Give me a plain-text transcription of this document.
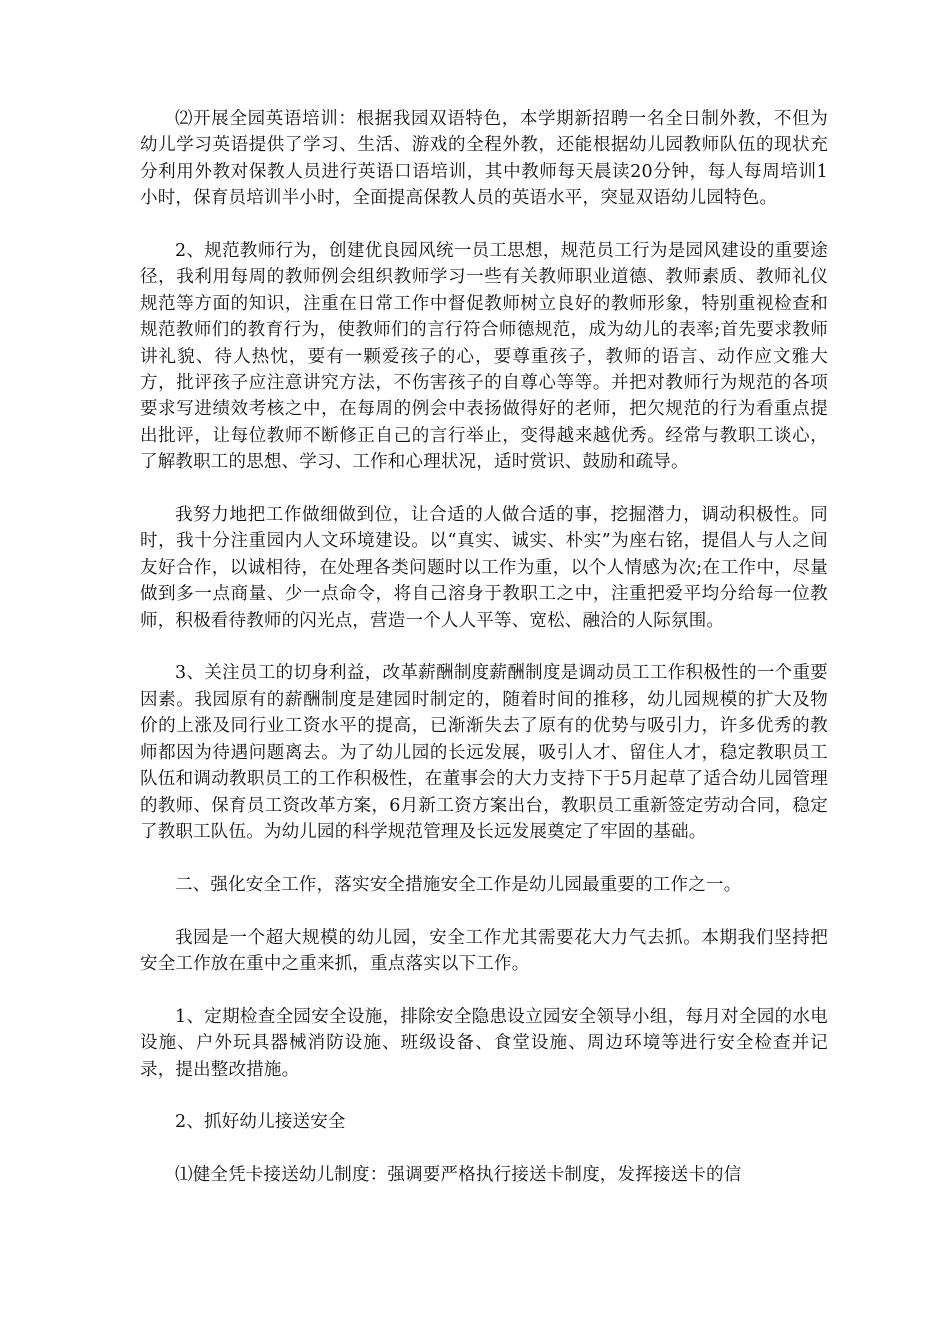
⑵开展全园英语培训：根据我园双语特色，本学期新招聘一名全日制外教，不但为幼儿学习英语提供了学习、生活、游戏的全程外教，还能根据幼儿园教师队伍的现状充分利用外教对保教人员进行英语口语培训，其中教师每天晨读20分钟，每人每周培训1小时，保育员培训半小时，全面提高保教人员的英语水平，突显双语幼儿园特色。

2、规范教师行为，创建优良园风统一员工思想，规范员工行为是园风建设的重要途径，我利用每周的教师例会组织教师学习一些有关教师职业道德、教师素质、教师礼仪规范等方面的知识，注重在日常工作中督促教师树立良好的教师形象，特别重视检查和规范教师们的教育行为，使教师们的言行符合师德规范，成为幼儿的表率;首先要求教师讲礼貌、待人热忱，要有一颗爱孩子的心，要尊重孩子，教师的语言、动作应文雅大方，批评孩子应注意讲究方法，不伤害孩子的自尊心等等。并把对教师行为规范的各项要求写进绩效考核之中，在每周的例会中表扬做得好的老师，把欠规范的行为看重点提出批评，让每位教师不断修正自己的言行举止，变得越来越优秀。经常与教职工谈心，了解教职工的思想、学习、工作和心理状况，适时赏识、鼓励和疏导。

我努力地把工作做细做到位，让合适的人做合适的事，挖掘潜力，调动积极性。同时，我十分注重园内人文环境建设。以“真实、诚实、朴实”为座右铭，提倡人与人之间友好合作，以诚相待，在处理各类问题时以工作为重，以个人情感为次;在工作中，尽量做到多一点商量、少一点命令，将自己溶身于教职工之中，注重把爱平均分给每一位教师，积极看待教师的闪光点，营造一个人人平等、宽松、融洽的人际氛围。

3、关注员工的切身利益，改革薪酬制度薪酬制度是调动员工工作积极性的一个重要因素。我园原有的薪酬制度是建园时制定的，随着时间的推移，幼儿园规模的扩大及物价的上涨及同行业工资水平的提高，已渐渐失去了原有的优势与吸引力，许多优秀的教师都因为待遇问题离去。为了幼儿园的长远发展，吸引人才、留住人才，稳定教职员工队伍和调动教职员工的工作积极性，在董事会的大力支持下于5月起草了适合幼儿园管理的教师、保育员工资改革方案，6月新工资方案出台，教职员工重新签定劳动合同，稳定了教职工队伍。为幼儿园的科学规范管理及长远发展奠定了牢固的基础。

二、强化安全工作，落实安全措施安全工作是幼儿园最重要的工作之一。

我园是一个超大规模的幼儿园，安全工作尤其需要花大力气去抓。本期我们坚持把安全工作放在重中之重来抓，重点落实以下工作。

1、定期检查全园安全设施，排除安全隐患设立园安全领导小组，每月对全园的水电设施、户外玩具器械消防设施、班级设备、食堂设施、周边环境等进行安全检查并记录，提出整改措施。

2、抓好幼儿接送安全

⑴健全凭卡接送幼儿制度：强调要严格执行接送卡制度，发挥接送卡的信
